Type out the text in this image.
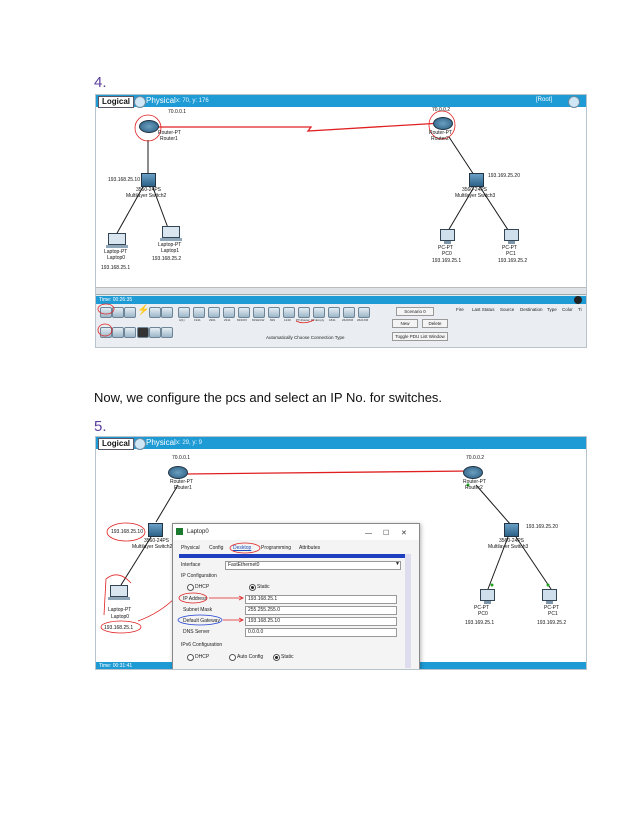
4.
Logical	Physical x: 70, y: 176	[Root]
70.0.0.1
Router-PT
Router1
70.0.0.2
Router-PT
Router2
193.168.25.10
3560-24PS
Multilayer Switch2
193.169.25.20
3560-24PS
Multilayer Switch3
Laptop-PT
Laptop0
193.168.25.1
Laptop-PT
Laptop1
193.168.25.2
PC-PT
PC0
193.169.25.1
PC-PT
PC1
193.169.25.2
Time: 00:26:35
⚡
A(1)	1941	2901	2911 819IOX 819HGW 829	1240 PT-Router PT-Empty 1841 2620XM 2621XM
Automatically Choose Connection Type
Scenario 0
New	Delete
Toggle PDU List Window
Fire Last Status Source Destination Type Color Ti
Now, we configure the pcs and select an IP No. for switches.
5.
Logical	Physical x: 29, y: 9
70.0.0.1
Router-PT
Router1
70.0.0.2
Router-PT
Router2
193.168.25.10
3560-24PS
Multilayer Switch2
193.169.25.20
3560-24PS
Multilayer Switch3
Laptop-PT
Laptop0
193.168.25.1
PC-PT
PC0
193.169.25.1
PC-PT
PC1
193.169.25.2
Time: 00:31:41
Laptop0	— ☐ ✕
Physical Config Desktop Programming Attributes
Interface	FastEthernet0	▼
IP Configuration
DHCP	Static
IP Address	193.168.25.1
Subnet Mask	255.255.255.0
Default Gateway	193.168.25.10
DNS Server	0.0.0.0
IPv6 Configuration
DHCP	Auto Config	Static
